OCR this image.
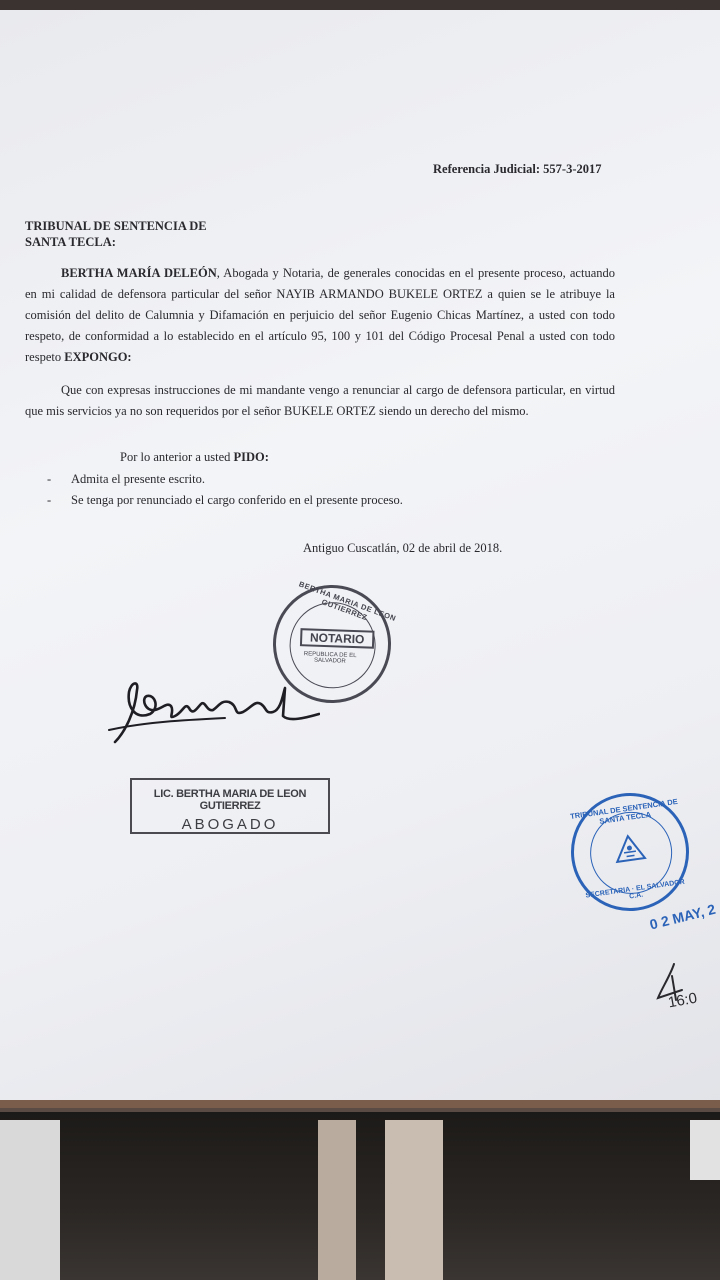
Referencia Judicial: 557-3-2017
TRIBUNAL DE SENTENCIA DE
SANTA TECLA:
BERTHA MARÍA DELEÓN, Abogada y Notaria, de generales conocidas en el presente proceso, actuando en mi calidad de defensora particular del señor NAYIB ARMANDO BUKELE ORTEZ a quien se le atribuye la comisión del delito de Calumnia y Difamación en perjuicio del señor Eugenio Chicas Martínez, a usted con todo respeto, de conformidad a lo establecido en el artículo 95, 100 y 101 del Código Procesal Penal a usted con todo respeto EXPONGO:
Que con expresas instrucciones de mi mandante vengo a renunciar al cargo de defensora particular, en virtud que mis servicios ya no son requeridos por el señor BUKELE ORTEZ siendo un derecho del mismo.
Por lo anterior a usted PIDO:
-	Admita el presente escrito.
-	Se tenga por renunciado el cargo conferido en el presente proceso.
Antiguo Cuscatlán, 02 de abril de 2018.
BERTHA MARIA DE LEON GUTIERREZ
NOTARIO
REPUBLICA DE EL SALVADOR
LIC. BERTHA MARIA DE LEON GUTIERREZ
ABOGADO
TRIBUNAL DE SENTENCIA DE SANTA TECLA
SECRETARIA · EL SALVADOR C.A.
0 2 MAY, 2
16:0
